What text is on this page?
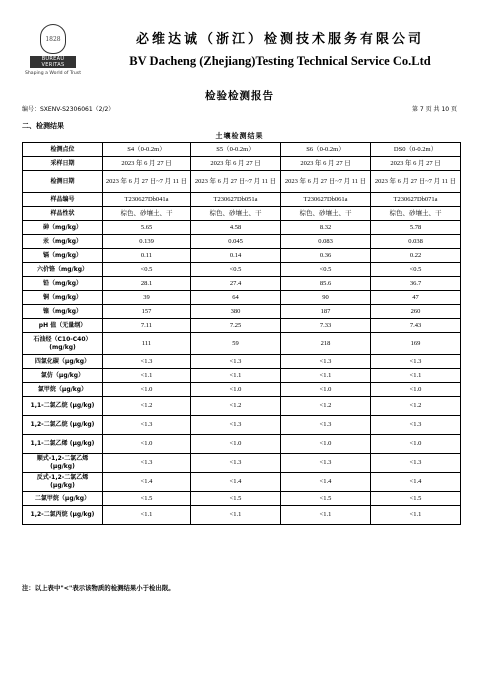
1828
BUREAU
VERITAS
Shaping a World of Trust
必维达诚（浙江）检测技术服务有限公司
BV Dacheng (Zhejiang)Testing Technical Service Co.Ltd
检验检测报告
编号：SXENV-S2306061（2/2）	第 7 页 共 10 页
二、检测结果
土壤检测结果
检测点位	S4（0-0.2m）	S5（0-0.2m）	S6（0-0.2m）	DS0（0-0.2m）
采样日期	2023 年 6 月 27 日	2023 年 6 月 27 日	2023 年 6 月 27 日	2023 年 6 月 27 日
检测日期	2023 年 6 月 27 日~7 月 11 日	2023 年 6 月 27 日~7 月 11 日	2023 年 6 月 27 日~7 月 11 日	2023 年 6 月 27 日~7 月 11 日
样品编号	T230627Db041a	T230627Db051a	T230627Db061a	T230627Db071a
样品性状	棕色、砂壤土、干	棕色、砂壤土、干	棕色、砂壤土、干	棕色、砂壤土、干
砷（mg/kg）	5.65	4.58	8.32	5.78
汞（mg/kg）	0.139	0.045	0.083	0.038
镉（mg/kg）	0.11	0.14	0.36	0.22
六价铬（mg/kg）	<0.5	<0.5	<0.5	<0.5
铅（mg/kg）	28.1	27.4	85.6	36.7
铜（mg/kg）	39	64	90	47
镍（mg/kg）	157	380	187	260
pH 值（无量纲）	7.11	7.25	7.33	7.43
石油烃（C10-C40）(mg/kg)	111	59	218	169
四氯化碳（μg/kg）	<1.3	<1.3	<1.3	<1.3
氯仿（μg/kg）	<1.1	<1.1	<1.1	<1.1
氯甲烷（μg/kg）	<1.0	<1.0	<1.0	<1.0
1,1-二氯乙烷 (μg/kg)	<1.2	<1.2	<1.2	<1.2
1,2-二氯乙烷 (μg/kg)	<1.3	<1.3	<1.3	<1.3
1,1-二氯乙烯 (μg/kg)	<1.0	<1.0	<1.0	<1.0
顺式-1,2-二氯乙烯 (μg/kg)	<1.3	<1.3	<1.3	<1.3
反式-1,2-二氯乙烯 (μg/kg)	<1.4	<1.4	<1.4	<1.4
二氯甲烷（μg/kg）	<1.5	<1.5	<1.5	<1.5
1,2-二氯丙烷 (μg/kg)	<1.1	<1.1	<1.1	<1.1
注：以上表中"<"表示该物质的检测结果小于检出限。
